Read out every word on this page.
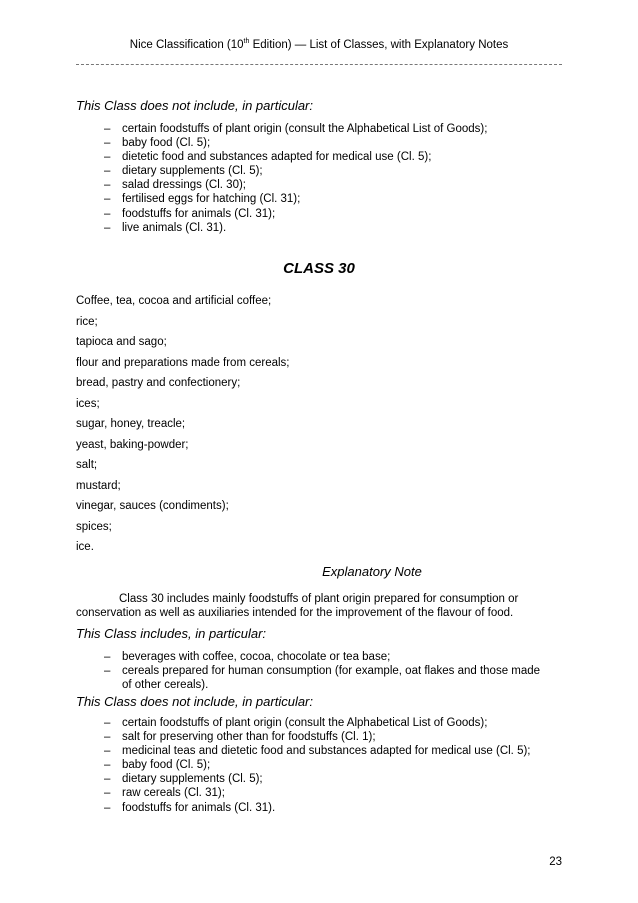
Nice Classification (10th Edition) — List of Classes, with Explanatory Notes
This Class does not include, in particular:
– certain foodstuffs of plant origin (consult the Alphabetical List of Goods);
– baby food (Cl. 5);
– dietetic food and substances adapted for medical use (Cl. 5);
– dietary supplements (Cl. 5);
– salad dressings (Cl. 30);
– fertilised eggs for hatching (Cl. 31);
– foodstuffs for animals (Cl. 31);
– live animals (Cl. 31).
CLASS 30
Coffee, tea, cocoa and artificial coffee;
rice;
tapioca and sago;
flour and preparations made from cereals;
bread, pastry and confectionery;
ices;
sugar, honey, treacle;
yeast, baking-powder;
salt;
mustard;
vinegar, sauces (condiments);
spices;
ice.
Explanatory Note
Class 30 includes mainly foodstuffs of plant origin prepared for consumption or conservation as well as auxiliaries intended for the improvement of the flavour of food.
This Class includes, in particular:
– beverages with coffee, cocoa, chocolate or tea base;
– cereals prepared for human consumption (for example, oat flakes and those made of other cereals).
This Class does not include, in particular:
– certain foodstuffs of plant origin (consult the Alphabetical List of Goods);
– salt for preserving other than for foodstuffs (Cl. 1);
– medicinal teas and dietetic food and substances adapted for medical use (Cl. 5);
– baby food (Cl. 5);
– dietary supplements (Cl. 5);
– raw cereals (Cl. 31);
– foodstuffs for animals (Cl. 31).
23
